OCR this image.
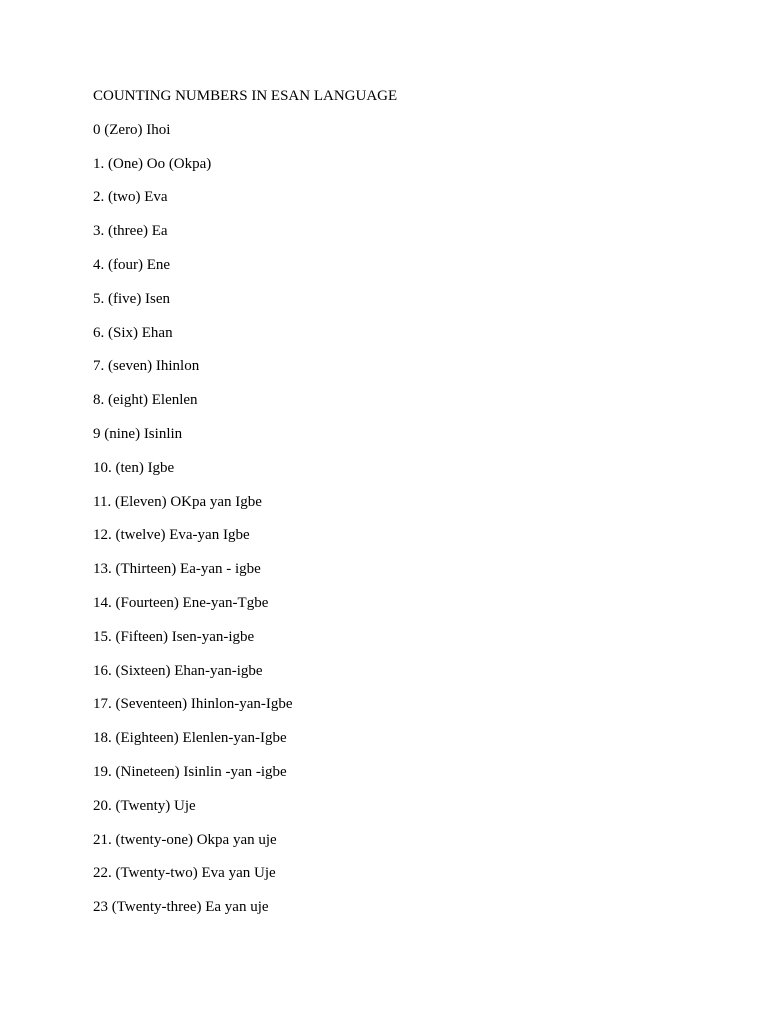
COUNTING NUMBERS IN ESAN LANGUAGE
0 (Zero) Ihoi
1. (One) Oo (Okpa)
2. (two) Eva
3. (three) Ea
4. (four) Ene
5. (five) Isen
6. (Six) Ehan
7. (seven) Ihinlon
8. (eight) Elenlen
9 (nine) Isinlin
10. (ten) Igbe
11. (Eleven) OKpa yan Igbe
12. (twelve) Eva-yan Igbe
13. (Thirteen) Ea-yan - igbe
14. (Fourteen) Ene-yan-Tgbe
15. (Fifteen) Isen-yan-igbe
16. (Sixteen) Ehan-yan-igbe
17. (Seventeen) Ihinlon-yan-Igbe
18. (Eighteen) Elenlen-yan-Igbe
19. (Nineteen) Isinlin -yan -igbe
20. (Twenty) Uje
21. (twenty-one) Okpa yan uje
22. (Twenty-two) Eva yan Uje
23 (Twenty-three) Ea yan uje
